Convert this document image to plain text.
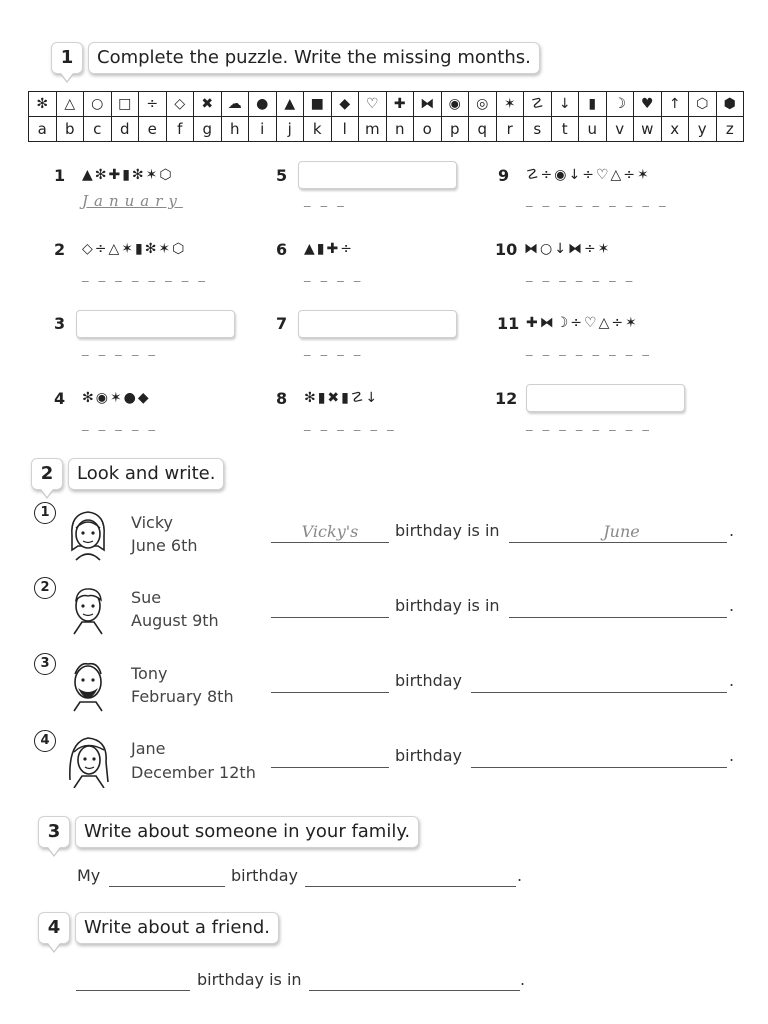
1	Complete the puzzle. Write the missing months.
✻	△	○	□	÷	◇	✖	☁	●	▲	■	◆	♡	✚	⧓	◉	◎	✶	☡	↓	▮	☽	♥	↑	⬡	⬢
a	b	c	d	e	f	g	h	i	j	k	l	m	n	o	p	q	r	s	t	u	v	w	x	y	z
1 ▲✻✚▮✻✶⬡
January
2 ◇÷△✶▮✻✶⬡
_ _ _ _ _ _ _ _
3
_ _ _ _ _
4 ✻◉✶●◆
_ _ _ _ _
5
_ _ _
6 ▲▮✚÷
_ _ _ _
7
_ _ _ _
8 ✻▮✖▮☡↓
_ _ _ _ _ _
9 ☡÷◉↓÷♡△÷✶
_ _ _ _ _ _ _ _ _
10 ⧓○↓⧓÷✶
_ _ _ _ _ _ _
11 ✚⧓☽÷♡△÷✶
_ _ _ _ _ _ _ _
12
_ _ _ _ _ _ _ _
2	Look and write.
1
Vicky
June 6th
Vicky's	birthday is in	June	.
2
Sue
August 9th
birthday is in	.
3
Tony
February 8th
birthday	.
4	Jane
December 12th
birthday	.
3	Write about someone in your family.
My	birthday	.
4	Write about a friend.
birthday is in	.
